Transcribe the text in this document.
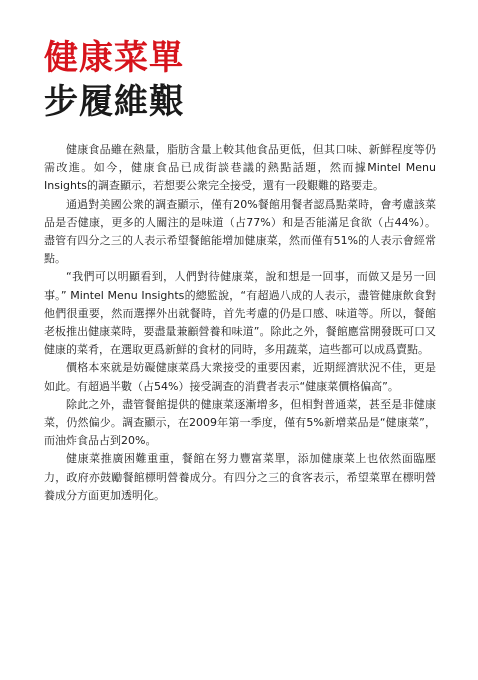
健康菜單
步履維艱

健康食品雖在熱量，脂肪含量上較其他食品更低，但其口味、新鮮程度等仍需改進。如今，健康食品已成街談巷議的熱點話題，然而據Mintel Menu Insights的調查顯示，若想要公衆完全接受，還有一段艱難的路要走。

通過對美國公衆的調查顯示，僅有20%餐館用餐者認爲點菜時，會考慮該菜品是否健康，更多的人關注的是味道（占77%）和是否能滿足食欲（占44%）。盡管有四分之三的人表示希望餐館能增加健康菜，然而僅有51%的人表示會經常點。

“我們可以明顯看到，人們對待健康菜，說和想是一回事，而做又是另一回事。” Mintel Menu Insights的總監說，“有超過八成的人表示，盡管健康飲食對他們很重要，然而選擇外出就餐時，首先考慮的仍是口感、味道等。所以，餐館老板推出健康菜時，要盡量兼顧營養和味道”。除此之外，餐館應當開發既可口又健康的菜肴，在選取更爲新鮮的食材的同時，多用蔬菜，這些都可以成爲賣點。

價格本來就是妨礙健康菜爲大衆接受的重要因素，近期經濟狀況不佳，更是如此。有超過半數（占54%）接受調查的消費者表示“健康菜價格偏高”。

除此之外，盡管餐館提供的健康菜逐漸增多，但相對普通菜，甚至是非健康菜，仍然偏少。調查顯示，在2009年第一季度，僅有5%新增菜品是“健康菜”，而油炸食品占到20%。

健康菜推廣困難重重，餐館在努力豐富菜單，添加健康菜上也依然面臨壓力，政府亦鼓勵餐館標明營養成分。有四分之三的食客表示，希望菜單在標明營養成分方面更加透明化。
